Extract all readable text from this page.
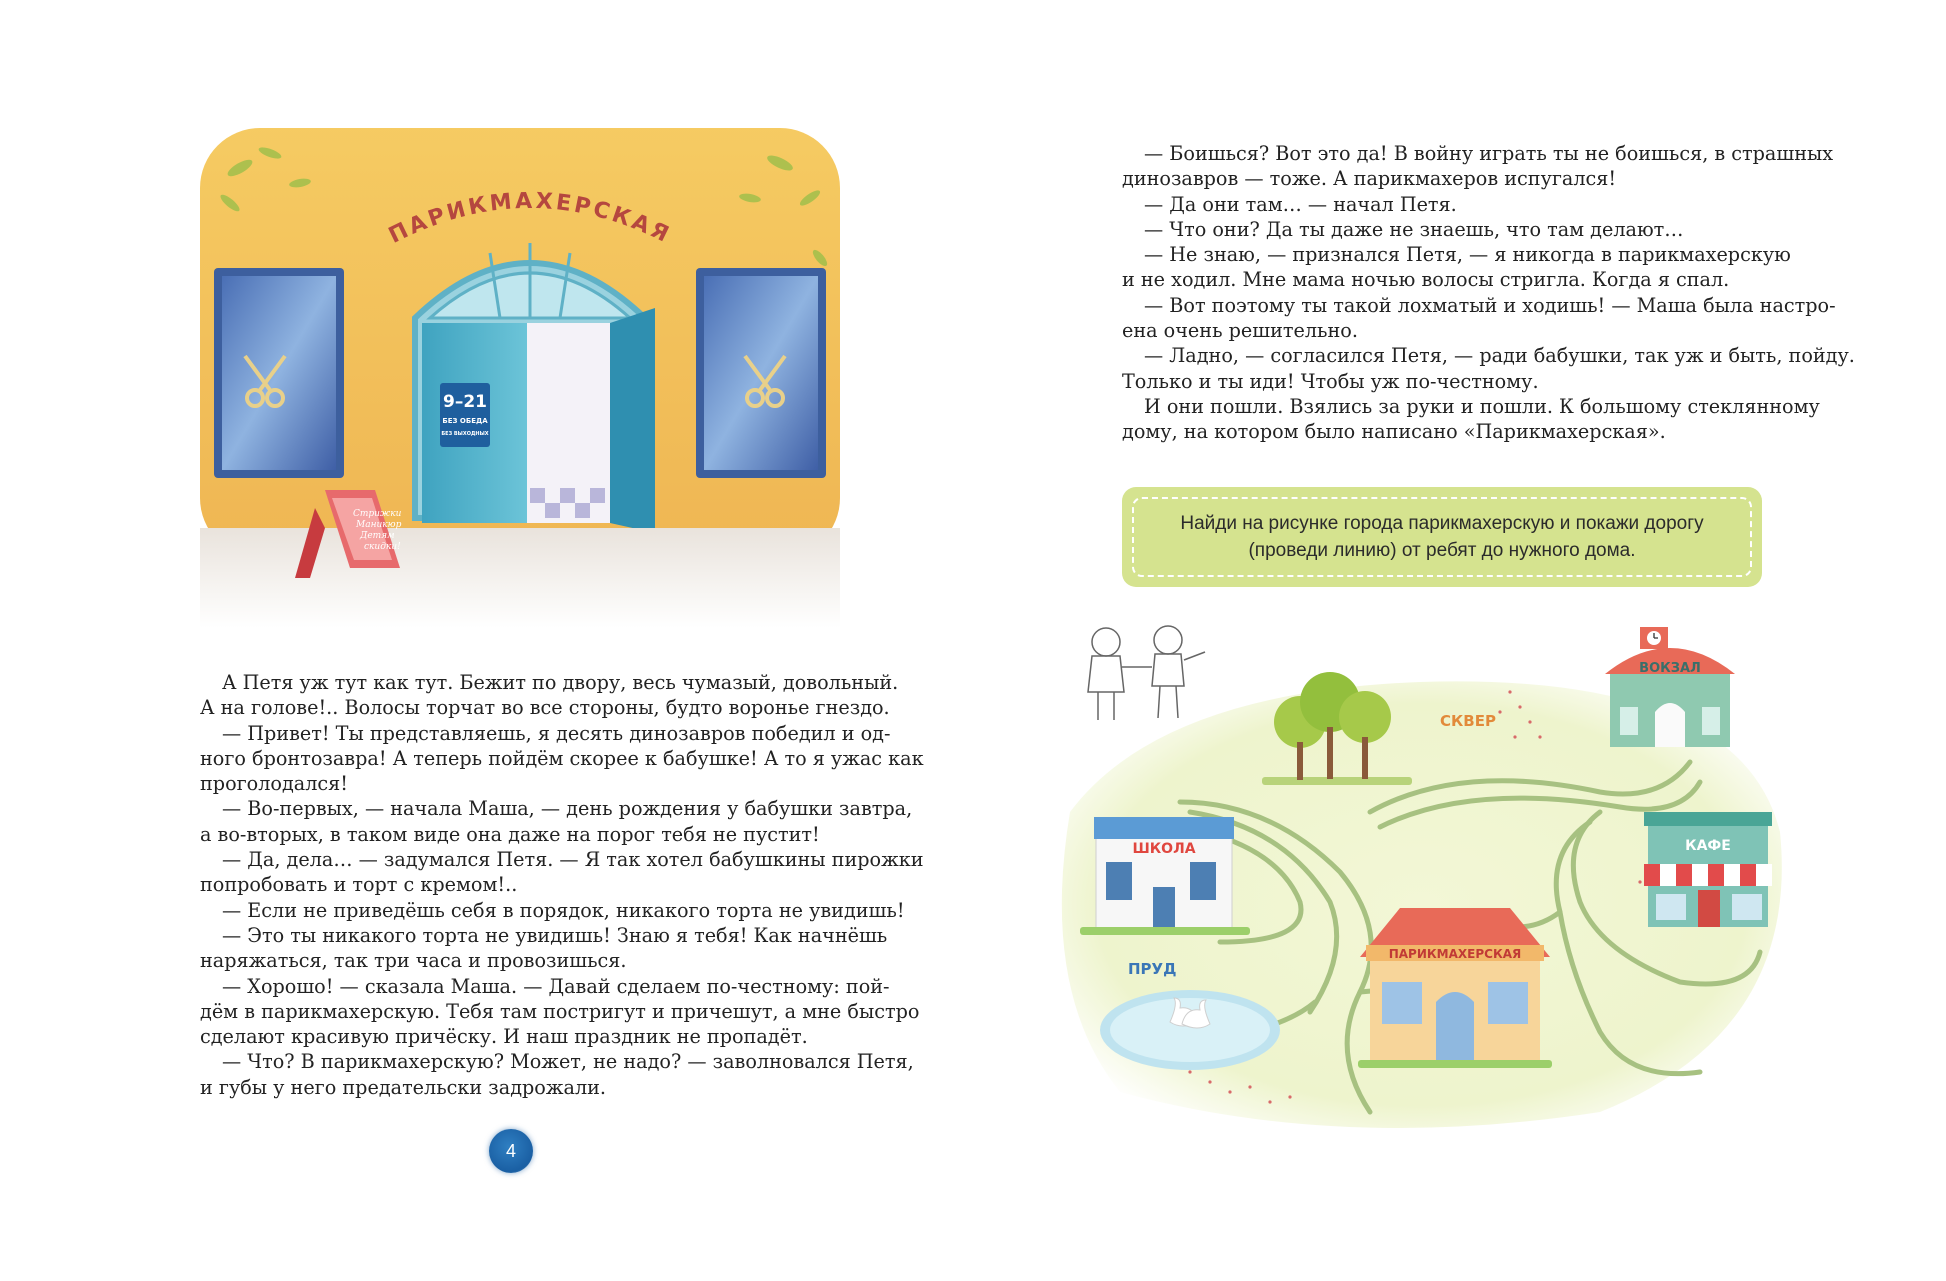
9–21
БЕЗ ОБЕДА
БЕЗ ВЫХОДНЫХ
ПАРИКМАХЕРСКАЯ
Стрижки
Маникюр
Детям
скидки!

А Петя уж тут как тут. Бежит по двору, весь чумазый, довольный.

А на голове!.. Волосы торчат во все стороны, будто вороньe гнездо.

— Привет! Ты представляешь, я десять динозавров победил и од-

ного бронтозавра! А теперь пойдём скорее к бабушке! А то я ужас как

проголодался!

— Во-первых, — начала Маша, — день рождения у бабушки завтра,

а во-вторых, в таком виде она даже на порог тебя не пустит!

— Да, дела… — задумался Петя. — Я так хотел бабушкины пирожки

попробовать и торт с кремом!..

— Если не приведёшь себя в порядок, никакого торта не увидишь!

— Это ты никакого торта не увидишь! Знаю я тебя! Как начнёшь

наряжаться, так три часа и провозишься.

— Хорошо! — сказала Маша. — Давай сделаем по-честному: пой-

дём в парикмахерскую. Тебя там постригут и причешут, а мне быстро

сделают красивую причёску. И наш праздник не пропадёт.

— Что? В парикмахерскую? Может, не надо? — заволновался Петя,

и губы у него предательски задрожали.

4

— Боишься? Вот это да! В войну играть ты не боишься, в страшных

динозавров — тоже. А парикмахеров испугался!

— Да они там… — начал Петя.

— Что они? Да ты даже не знаешь, что там делают…

— Не знаю, — признался Петя, — я никогда в парикмахерскую

и не ходил. Мне мама ночью волосы стригла. Когда я спал.

— Вот поэтому ты такой лохматый и ходишь! — Маша была настро-

ена очень решительно.

— Ладно, — согласился Петя, — ради бабушки, так уж и быть, пойду.

Только и ты иди! Чтобы уж по-честному.

И они пошли. Взялись за руки и пошли. К большому стеклянному

дому, на котором было написано «Парикмахерская».

Найди на рисунке города парикмахерскую и покажи дорогу
(проведи линию) от ребят до нужного дома.
СКВЕР
ВОКЗАЛ
ШКОЛА	КАФЕ
ПРУД
ПАРИКМАХЕРСКАЯ
